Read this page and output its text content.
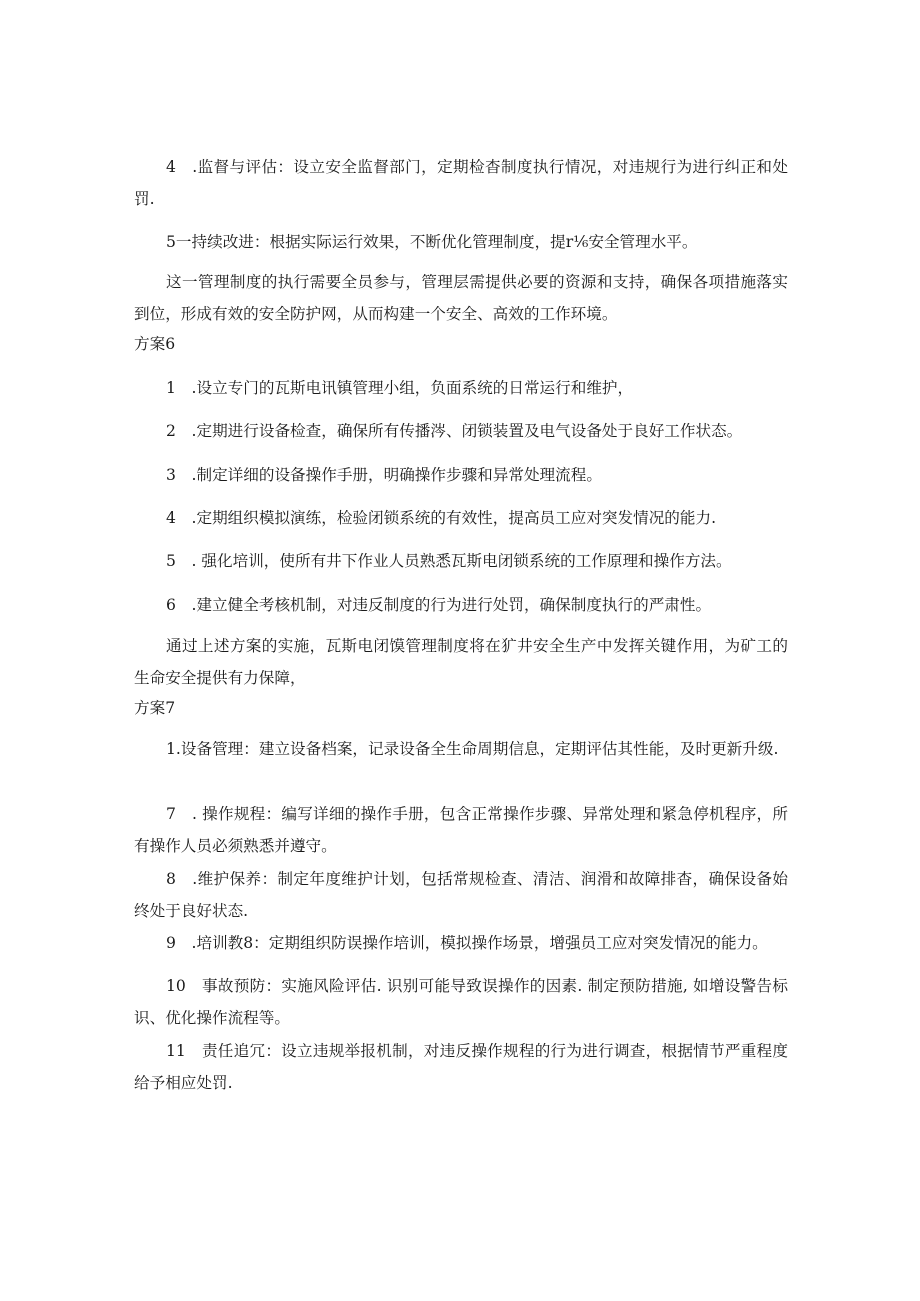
4　.监督与评估：设立安全监督部门，定期检杳制度执行情况，对违规行为进行纠正和处罚.
5一持续改进：根据实际运行效果，不断优化管理制度，提r⅙安全管理水平。
这一管理制度的执行需要全员参与，管理层需提供必要的资源和支持，确保各项措施落实到位，形成有效的安全防护网，从而构建一个安全、高效的工作环境。
方案6
1　.设立专门的瓦斯电讯镇管理小组，负面系统的日常运行和维护，
2　.定期进行设备检查，确保所有传播涔、闭锁装置及电气设备处于良好工作状态。
3　.制定详细的设备操作手册，明确操作步骤和异常处理流程。
4　.定期组织模拟演练，检验闭锁系统的有效性，提高员工应对突发情况的能力.
5　. 强化培训，使所有井下作业人员熟悉瓦斯电闭锁系统的工作原理和操作方法。
6　.建立健全考核机制，对违反制度的行为进行处罚，确保制度执行的严肃性。
通过上述方案的实施，瓦斯电闭馍管理制度将在犷井安全生产中发挥关键作用，为矿工的生命安全提供有力保障，
方案7
1.设备管理：建立设备档案，记录设备全生命周期信息，定期评估其性能，及时更新升级.
7　. 操作规程：编写详细的操作手册，包含正常操作步骤、异常处理和紧急停机程序，所有操作人员必须熟悉并遵守。
8　.维护保养：制定年度维护计划，包括常规检查、清洁、润滑和故障排杳，确保设备始终处于良好状态.
9　.培训教8：定期组织防误操作培训，模拟操作场景，增强员工应对突发情况的能力。
10　事故预防：实施风险评估. 识别可能导致误操作的因素. 制定预防措施, 如增设警告标识、优化操作流程等。
11　责任追冗：设立违规举报机制，对违反操作规程的行为进行调查，根据情节严重程度给予相应处罚.
